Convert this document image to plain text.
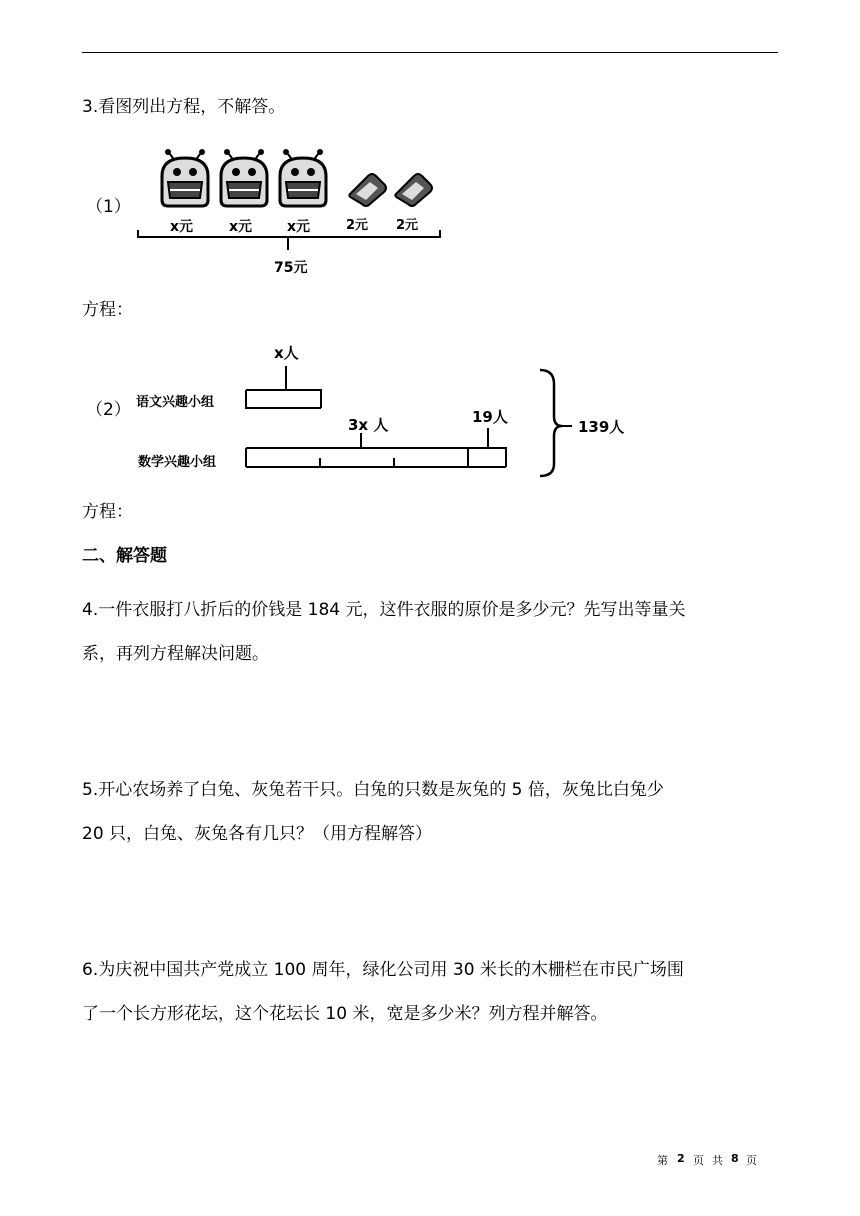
3.看图列出方程，不解答。
（1）
x元	x元 x元	2元 2元
75元
方程：
（2） 语文兴趣小组
数学兴趣小组
x人
3x 人	19人
139人
方程：
二、解答题
4.一件衣服打八折后的价钱是 184 元，这件衣服的原价是多少元？先写出等量关
系，再列方程解决问题。
5.开心农场养了白兔、灰兔若干只。白兔的只数是灰兔的 5 倍，灰兔比白兔少
20 只，白兔、灰兔各有几只？（用方程解答）
6.为庆祝中国共产党成立 100 周年，绿化公司用 30 米长的木栅栏在市民广场围
了一个长方形花坛，这个花坛长 10 米，宽是多少米？列方程并解答。
第 2 页 共 8 页
